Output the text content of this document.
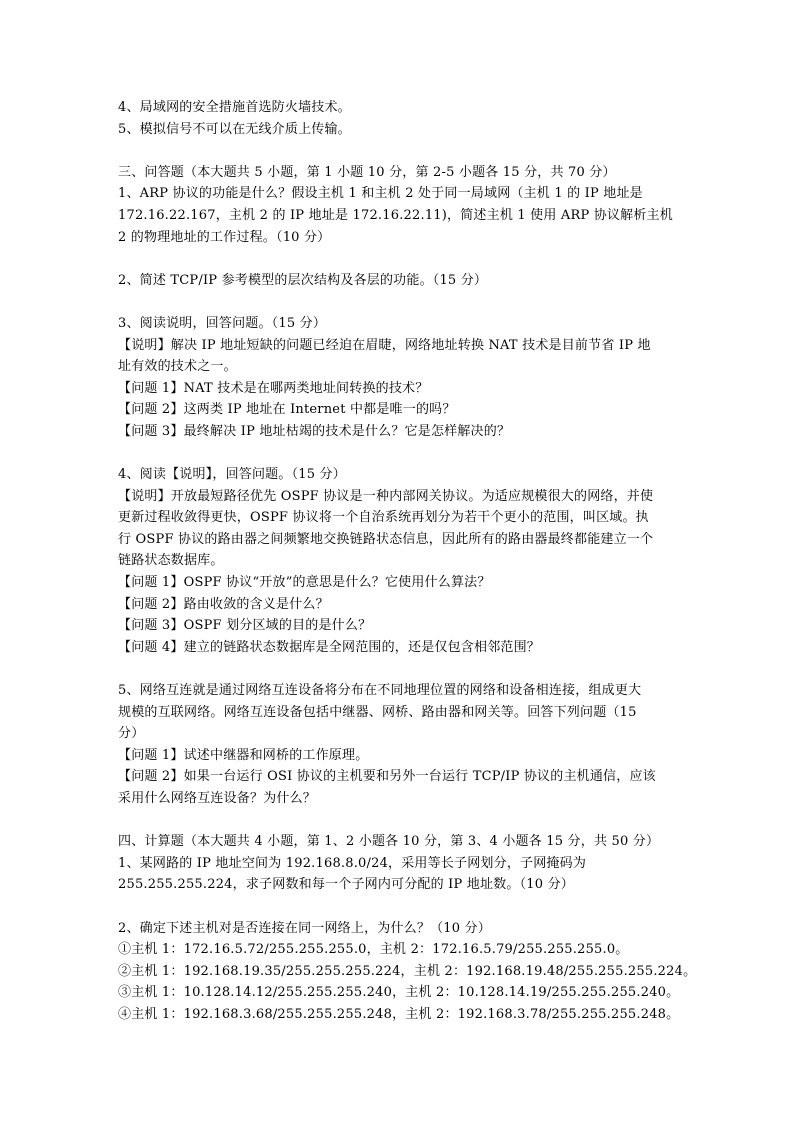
4、局域网的安全措施首选防火墙技术。
5、模拟信号不可以在无线介质上传输。
三、问答题（本大题共 5 小题，第 1 小题 10 分，第 2-5 小题各 15 分，共 70 分）
1、ARP 协议的功能是什么？假设主机 1 和主机 2 处于同一局域网（主机 1 的 IP 地址是
172.16.22.167，主机 2 的 IP 地址是 172.16.22.11)，简述主机 1 使用 ARP 协议解析主机
2 的物理地址的工作过程。（10 分）
2、简述 TCP/IP 参考模型的层次结构及各层的功能。（15 分）
3、阅读说明，回答问题。（15 分）
【说明】解决 IP 地址短缺的问题已经迫在眉睫，网络地址转换 NAT 技术是目前节省 IP 地
址有效的技术之一。
【问题 1】NAT 技术是在哪两类地址间转换的技术？
【问题 2】这两类 IP 地址在 Internet 中都是唯一的吗？
【问题 3】最终解决 IP 地址枯竭的技术是什么？它是怎样解决的？
4、阅读【说明】，回答问题。（15 分）
【说明】开放最短路径优先 OSPF 协议是一种内部网关协议。为适应规模很大的网络，并使
更新过程收敛得更快，OSPF 协议将一个自治系统再划分为若干个更小的范围，叫区域。执
行 OSPF 协议的路由器之间频繁地交换链路状态信息，因此所有的路由器最终都能建立一个
链路状态数据库。
【问题 1】OSPF 协议“开放”的意思是什么？它使用什么算法？
【问题 2】路由收敛的含义是什么？
【问题 3】OSPF 划分区域的目的是什么？
【问题 4】建立的链路状态数据库是全网范围的，还是仅包含相邻范围？
5、网络互连就是通过网络互连设备将分布在不同地理位置的网络和设备相连接，组成更大
规模的互联网络。网络互连设备包括中继器、网桥、路由器和网关等。回答下列问题（15
分）
【问题 1】试述中继器和网桥的工作原理。
【问题 2】如果一台运行 OSI 协议的主机要和另外一台运行 TCP/IP 协议的主机通信，应该
采用什么网络互连设备？为什么？
四、计算题（本大题共 4 小题，第 1、2 小题各 10 分，第 3、4 小题各 15 分，共 50 分）
1、某网路的 IP 地址空间为 192.168.8.0/24，采用等长子网划分，子网掩码为
255.255.255.224，求子网数和每一个子网内可分配的 IP 地址数。（10 分）
2、确定下述主机对是否连接在同一网络上，为什么？（10 分）
①主机 1：172.16.5.72/255.255.255.0，主机 2：172.16.5.79/255.255.255.0。
②主机 1：192.168.19.35/255.255.255.224，主机 2：192.168.19.48/255.255.255.224。
③主机 1：10.128.14.12/255.255.255.240，主机 2：10.128.14.19/255.255.255.240。
④主机 1：192.168.3.68/255.255.255.248，主机 2：192.168.3.78/255.255.255.248。
